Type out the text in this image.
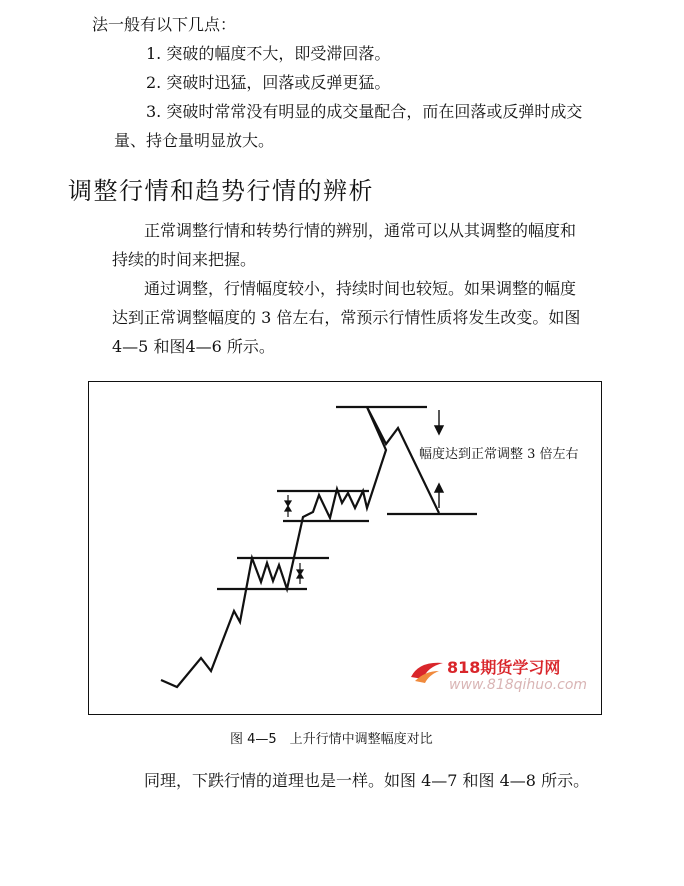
法一般有以下几点：
1. 突破的幅度不大，即受滞回落。
2. 突破时迅猛，回落或反弹更猛。
3. 突破时常常没有明显的成交量配合，而在回落或反弹时成交
量、持仓量明显放大。
调整行情和趋势行情的辨析
正常调整行情和转势行情的辨别，通常可以从其调整的幅度和
持续的时间来把握。
通过调整，行情幅度较小，持续时间也较短。如果调整的幅度
达到正常调整幅度的 3 倍左右，常预示行情性质将发生改变。如图
4—5 和图4—6 所示。
幅度达到正常调整 3 倍左右
818期货学习网
www.818qihuo.com
图 4—5　上升行情中调整幅度对比
同理，下跌行情的道理也是一样。如图 4—7 和图 4—8 所示。
